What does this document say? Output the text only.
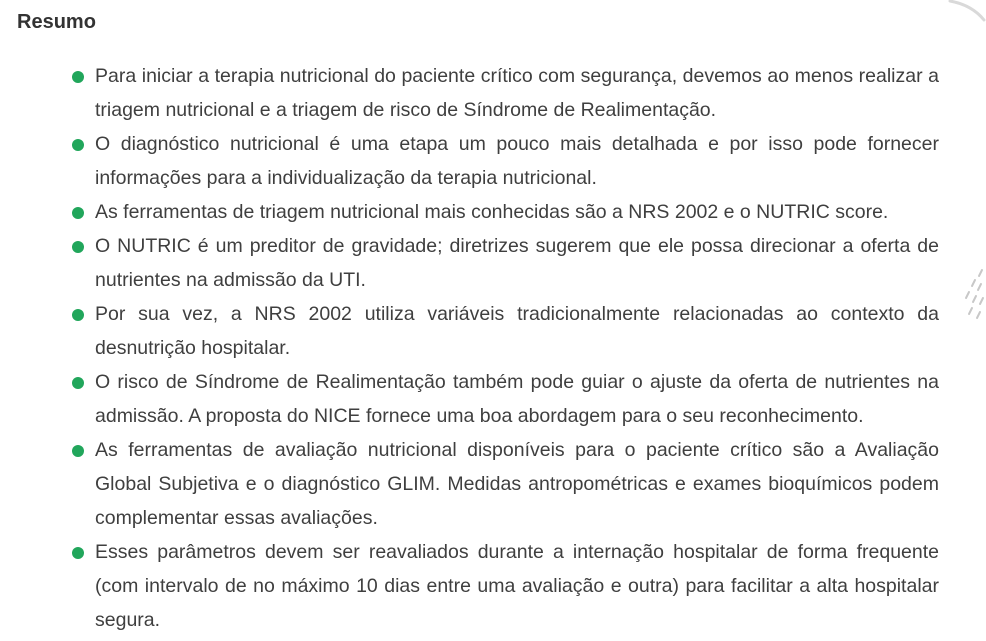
Resumo
Para iniciar a terapia nutricional do paciente crítico com segurança, devemos ao menos realizar a triagem nutricional e a triagem de risco de Síndrome de Realimentação.
O diagnóstico nutricional é uma etapa um pouco mais detalhada e por isso pode fornecer informações para a individualização da terapia nutricional.
As ferramentas de triagem nutricional mais conhecidas são a NRS 2002 e o NUTRIC score.
O NUTRIC é um preditor de gravidade; diretrizes sugerem que ele possa direcionar a oferta de nutrientes na admissão da UTI.
Por sua vez, a NRS 2002 utiliza variáveis tradicionalmente relacionadas ao contexto da desnutrição hospitalar.
O risco de Síndrome de Realimentação também pode guiar o ajuste da oferta de nutrientes na admissão. A proposta do NICE fornece uma boa abordagem para o seu reconhecimento.
As ferramentas de avaliação nutricional disponíveis para o paciente crítico são a Avaliação Global Subjetiva e o diagnóstico GLIM. Medidas antropométricas e exames bioquímicos podem complementar essas avaliações.
Esses parâmetros devem ser reavaliados durante a internação hospitalar de forma frequente (com intervalo de no máximo 10 dias entre uma avaliação e outra) para facilitar a alta hospitalar segura.
